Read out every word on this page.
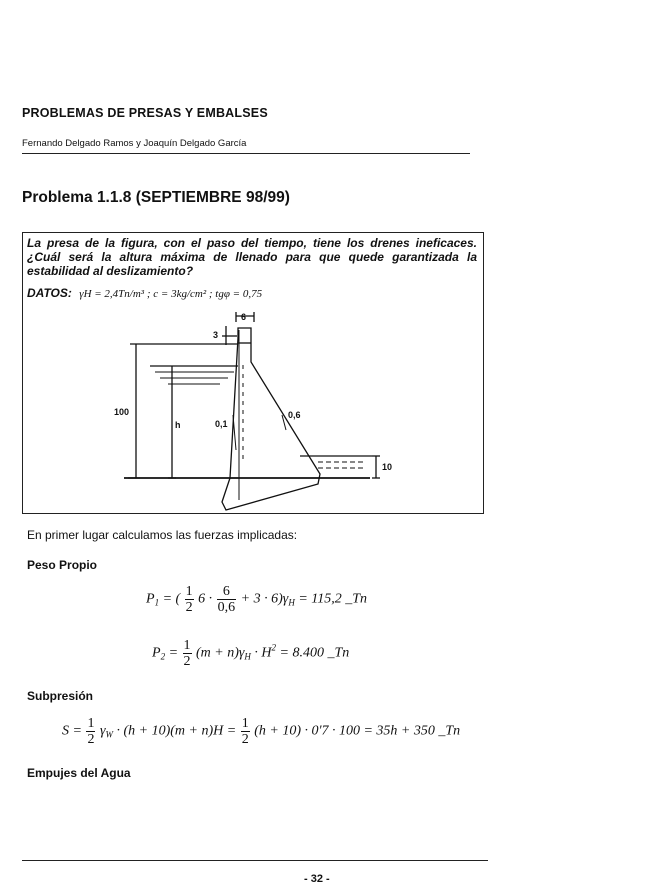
PROBLEMAS DE PRESAS Y EMBALSES
Fernando Delgado Ramos y Joaquín Delgado García
Problema 1.1.8 (SEPTIEMBRE 98/99)
La presa de la figura, con el paso del tiempo, tiene los drenes ineficaces. ¿Cuál será la altura máxima de llenado para que quede garantizada la estabilidad al deslizamiento?
DATOS: γH = 2,4Tn/m³ ; c = 3kg/cm² ; tgφ = 0,75
6
3
100
h	0,1
0,6
10
En primer lugar calculamos las fuerzas implicadas:
Peso Propio
$P_1$ = ( $\frac{1}{2} 6 \cdot \frac{6}{0,6} + 3 \cdot 6)\gamma_H = 115,2$ _Tn
$P_2 = \frac{1}{2} (m + n)\gamma_H \cdot H^2 = 8.400$ _Tn
Subpresión
$S = \frac{1}{2} \gamma_W \cdot (h + 10)(m + n)H = \frac{1}{2} (h + 10) \cdot 0'7 \cdot 100 = 35h + 350$ _Tn
Empujes del Agua
- 32 -
